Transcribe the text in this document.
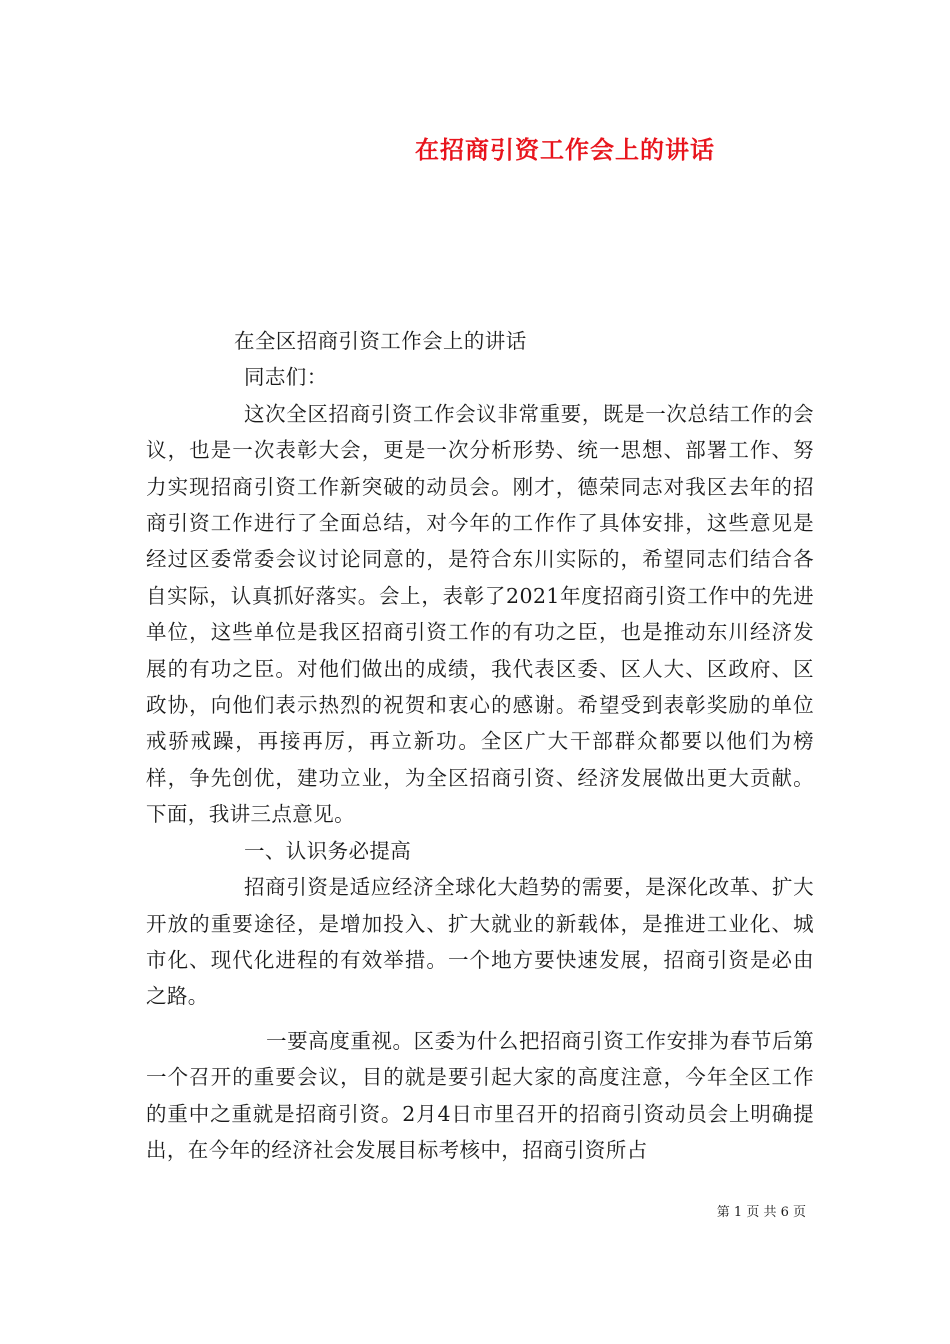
在招商引资工作会上的讲话

在全区招商引资工作会上的讲话

同志们：

这次全区招商引资工作会议非常重要，既是一次总结工作的会议，也是一次表彰大会，更是一次分析形势、统一思想、部署工作、努力实现招商引资工作新突破的动员会。刚才，德荣同志对我区去年的招商引资工作进行了全面总结，对今年的工作作了具体安排，这些意见是经过区委常委会议讨论同意的，是符合东川实际的，希望同志们结合各自实际，认真抓好落实。会上，表彰了2021年度招商引资工作中的先进单位，这些单位是我区招商引资工作的有功之臣，也是推动东川经济发展的有功之臣。对他们做出的成绩，我代表区委、区人大、区政府、区政协，向他们表示热烈的祝贺和衷心的感谢。希望受到表彰奖励的单位戒骄戒躁，再接再厉，再立新功。全区广大干部群众都要以他们为榜样，争先创优，建功立业，为全区招商引资、经济发展做出更大贡献。下面，我讲三点意见。

一、认识务必提高

招商引资是适应经济全球化大趋势的需要，是深化改革、扩大开放的重要途径，是增加投入、扩大就业的新载体，是推进工业化、城市化、现代化进程的有效举措。一个地方要快速发展，招商引资是必由之路。

一要高度重视。区委为什么把招商引资工作安排为春节后第一个召开的重要会议，目的就是要引起大家的高度注意，今年全区工作的重中之重就是招商引资。2月4日市里召开的招商引资动员会上明确提出，在今年的经济社会发展目标考核中，招商引资所占

第 1 页 共 6 页
